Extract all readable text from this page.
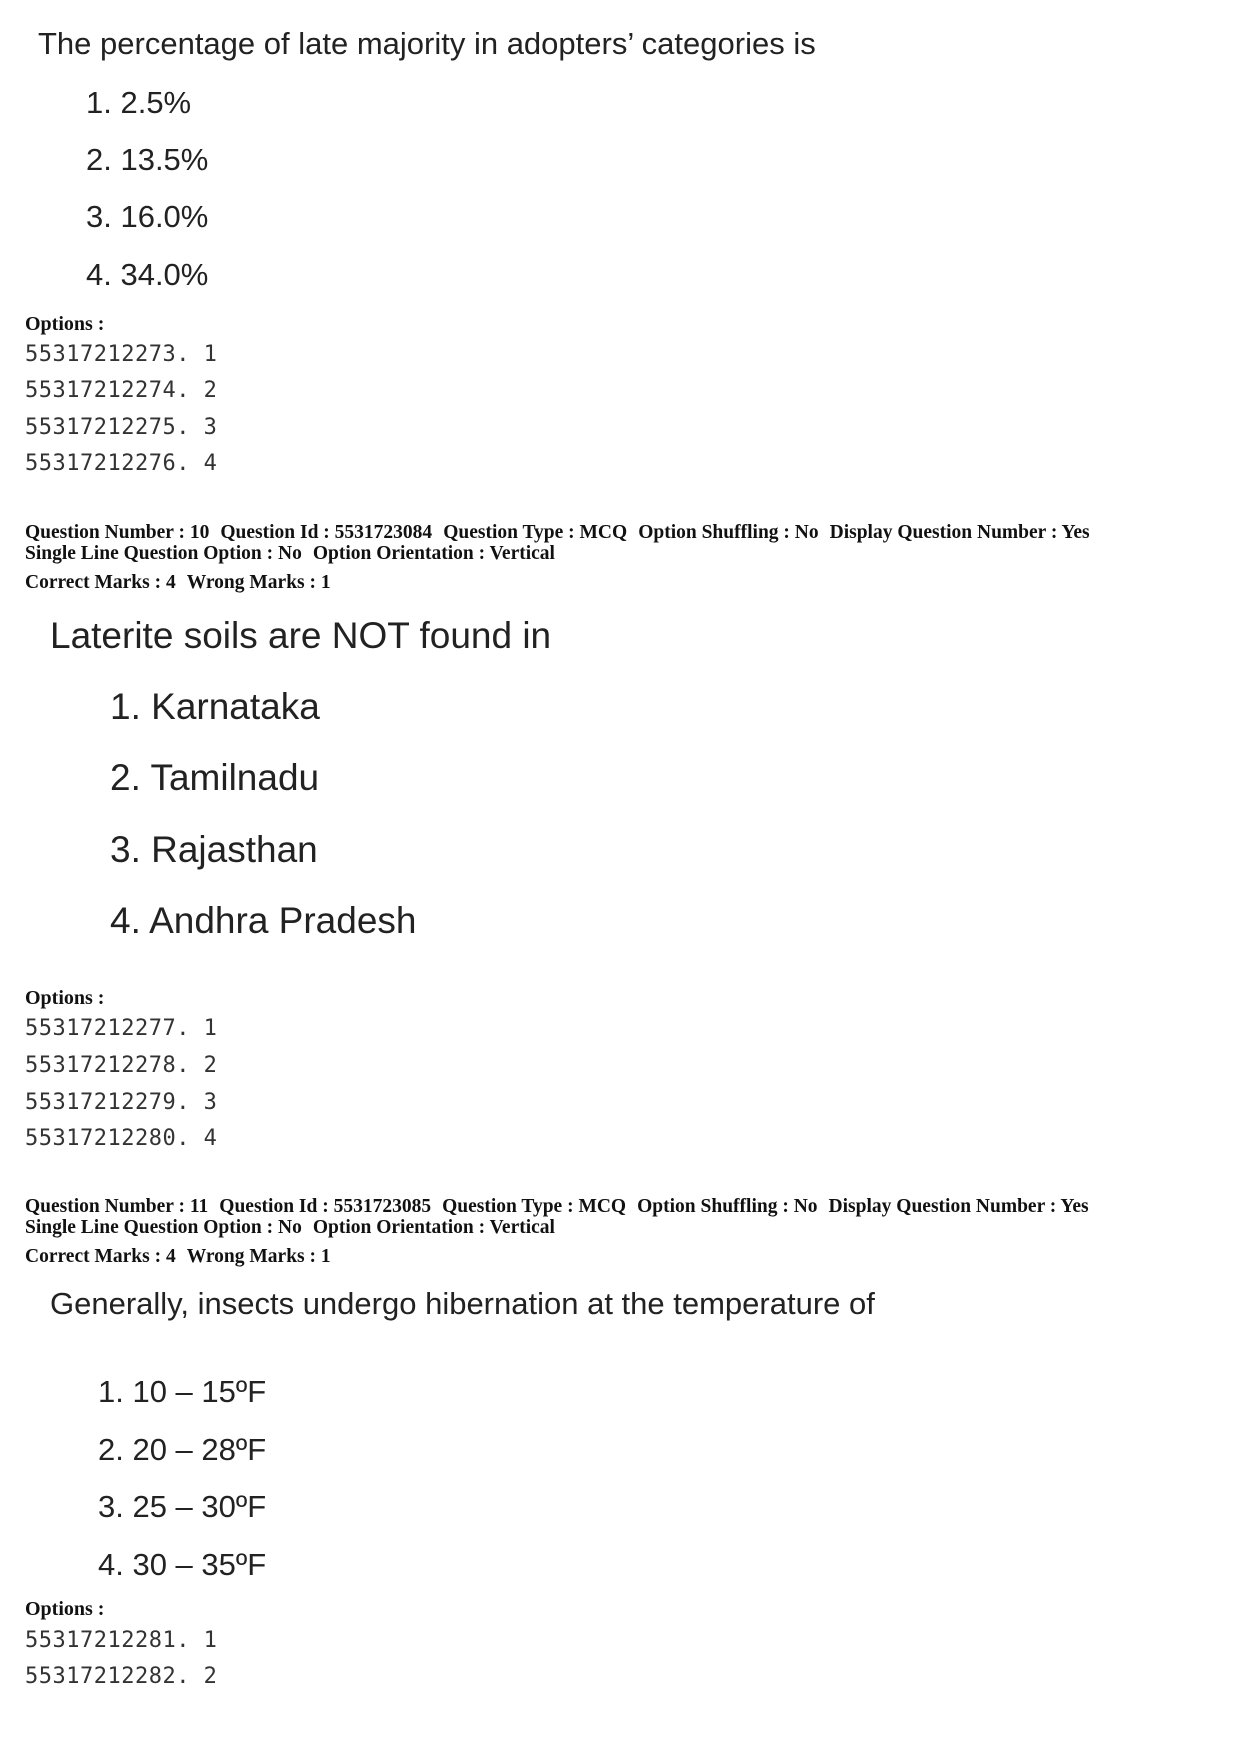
The percentage of late majority in adopters’ categories is

1. 2.5%
2. 13.5%
3. 16.0%
4. 34.0%
Options :
55317212273. 1
55317212274. 2
55317212275. 3
55317212276. 4
Question Number : 10 Question Id : 5531723084 Question Type : MCQ Option Shuffling : No Display Question Number : Yes
Single Line Question Option : No Option Orientation : Vertical
Correct Marks : 4 Wrong Marks : 1

Laterite soils are NOT found in

1. Karnataka
2. Tamilnadu
3. Rajasthan
4. Andhra Pradesh
Options :
55317212277. 1
55317212278. 2
55317212279. 3
55317212280. 4
Question Number : 11 Question Id : 5531723085 Question Type : MCQ Option Shuffling : No Display Question Number : Yes
Single Line Question Option : No Option Orientation : Vertical
Correct Marks : 4 Wrong Marks : 1

Generally, insects undergo hibernation at the temperature of

1. 10 – 15ºF
2. 20 – 28ºF
3. 25 – 30ºF
4. 30 – 35ºF
Options :
55317212281. 1
55317212282. 2
